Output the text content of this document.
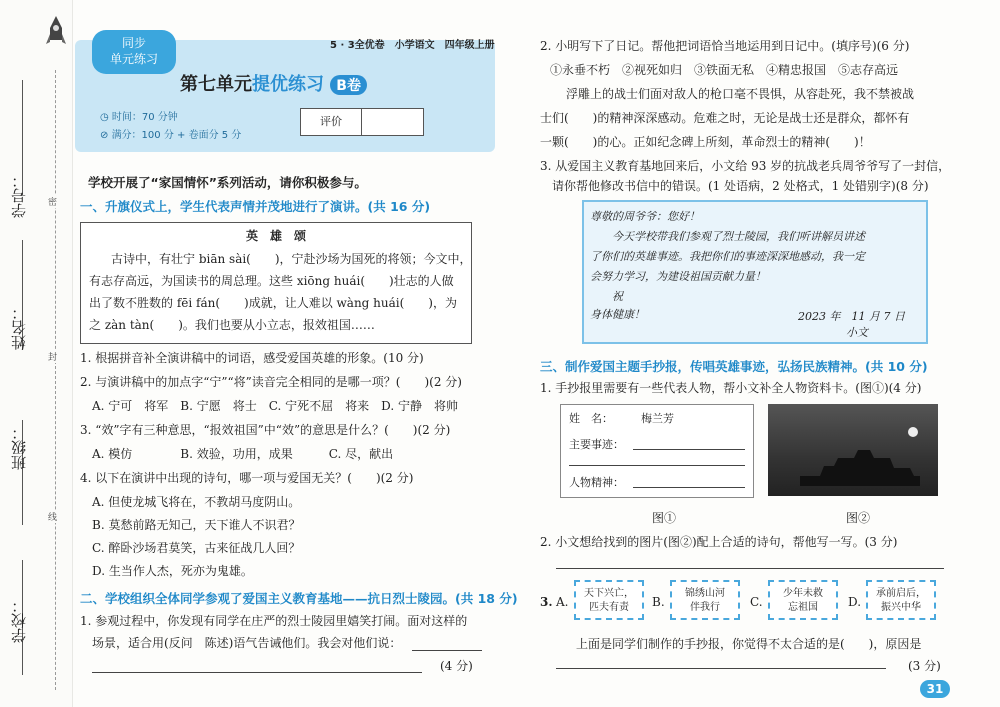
学校：
班级：
姓名：
学号： 密
封
线
同步
单元练习
5 · 3全优卷　小学语文　四年级上册
第七单元提优练习 B卷
◷ 时间：70 分钟
⊘ 满分：100 分 + 卷面分 5 分
评价
学校开展了“家国情怀”系列活动，请你积极参与。
一、升旗仪式上，学生代表声情并茂地进行了演讲。(共 16 分)
英　雄　颂
古诗中，有壮宁 biān sài(　　)，宁赴沙场为国死的将领；今文中，
有志存高远，为国读书的周总理。这些 xiōng huái(　　)壮志的人做
出了数不胜数的 fēi fán(　　)成就，让人难以 wàng huái(　　)，为
之 zàn tàn(　　)。我们也要从小立志，报效祖国……
1. 根据拼音补全演讲稿中的词语，感受爱国英雄的形象。(10 分)
2. 与演讲稿中的加点字“宁”“将”读音完全相同的是哪一项？(　　)(2 分)
A. 宁可　将军　B. 宁愿　将士　C. 宁死不屈　将来　D. 宁静　将帅
3. “效”字有三种意思，“报效祖国”中“效”的意思是什么？(　　)(2 分)
A. 模仿　　　　B. 效验，功用，成果　　　C. 尽，献出
4. 以下在演讲中出现的诗句，哪一项与爱国无关？(　　)(2 分)
A. 但使龙城飞将在，不教胡马度阴山。
B. 莫愁前路无知己，天下谁人不识君？
C. 醉卧沙场君莫笑，古来征战几人回？
D. 生当作人杰，死亦为鬼雄。
二、学校组织全体同学参观了爱国主义教育基地——抗日烈士陵园。(共 18 分)
1. 参观过程中，你发现有同学在庄严的烈士陵园里嬉笑打闹。面对这样的
场景，适合用(反问　陈述)语气告诫他们。我会对他们说：
(4 分)
2. 小明写下了日记。帮他把词语恰当地运用到日记中。(填序号)(6 分)
①永垂不朽　②视死如归　③铁面无私　④精忠报国　⑤志存高远
浮雕上的战士们面对敌人的枪口毫不畏惧，从容赴死，我不禁被战
士们(　　)的精神深深感动。危难之时，无论是战士还是群众，都怀有
一颗(　　)的心。正如纪念碑上所刻，革命烈士的精神(　　)！
3. 从爱国主义教育基地回来后，小文给 93 岁的抗战老兵周爷爷写了一封信，
请你帮他修改书信中的错误。(1 处语病，2 处格式，1 处错别字)(8 分)
尊敬的周爷爷：您好！
　　今天学校带我们参观了烈士陵园，我们听讲解员讲述
了你们的英雄事迹。我把你们的事迹深深地感动，我一定
会努力学习，为建设祖国贡献力量！
　　祝
身体健康！	2023 年　11 月 7 日
小文
三、制作爱国主题手抄报，传唱英雄事迹，弘扬民族精神。(共 10 分)
1. 手抄报里需要有一些代表人物，帮小文补全人物资料卡。(图①)(4 分)
姓　名：	梅兰芳
主要事迹：
人物精神：
图①	图②
2. 小文想给找到的图片(图②)配上合适的诗句，帮他写一写。(3 分)
3. A.
天下兴亡，
匹夫有责	B.
锦绣山河
伴我行	C.
少年未救
忘祖国	D.
承前启后，
振兴中华
上面是同学们制作的手抄报，你觉得不太合适的是(　　)，原因是
(3 分)
31
